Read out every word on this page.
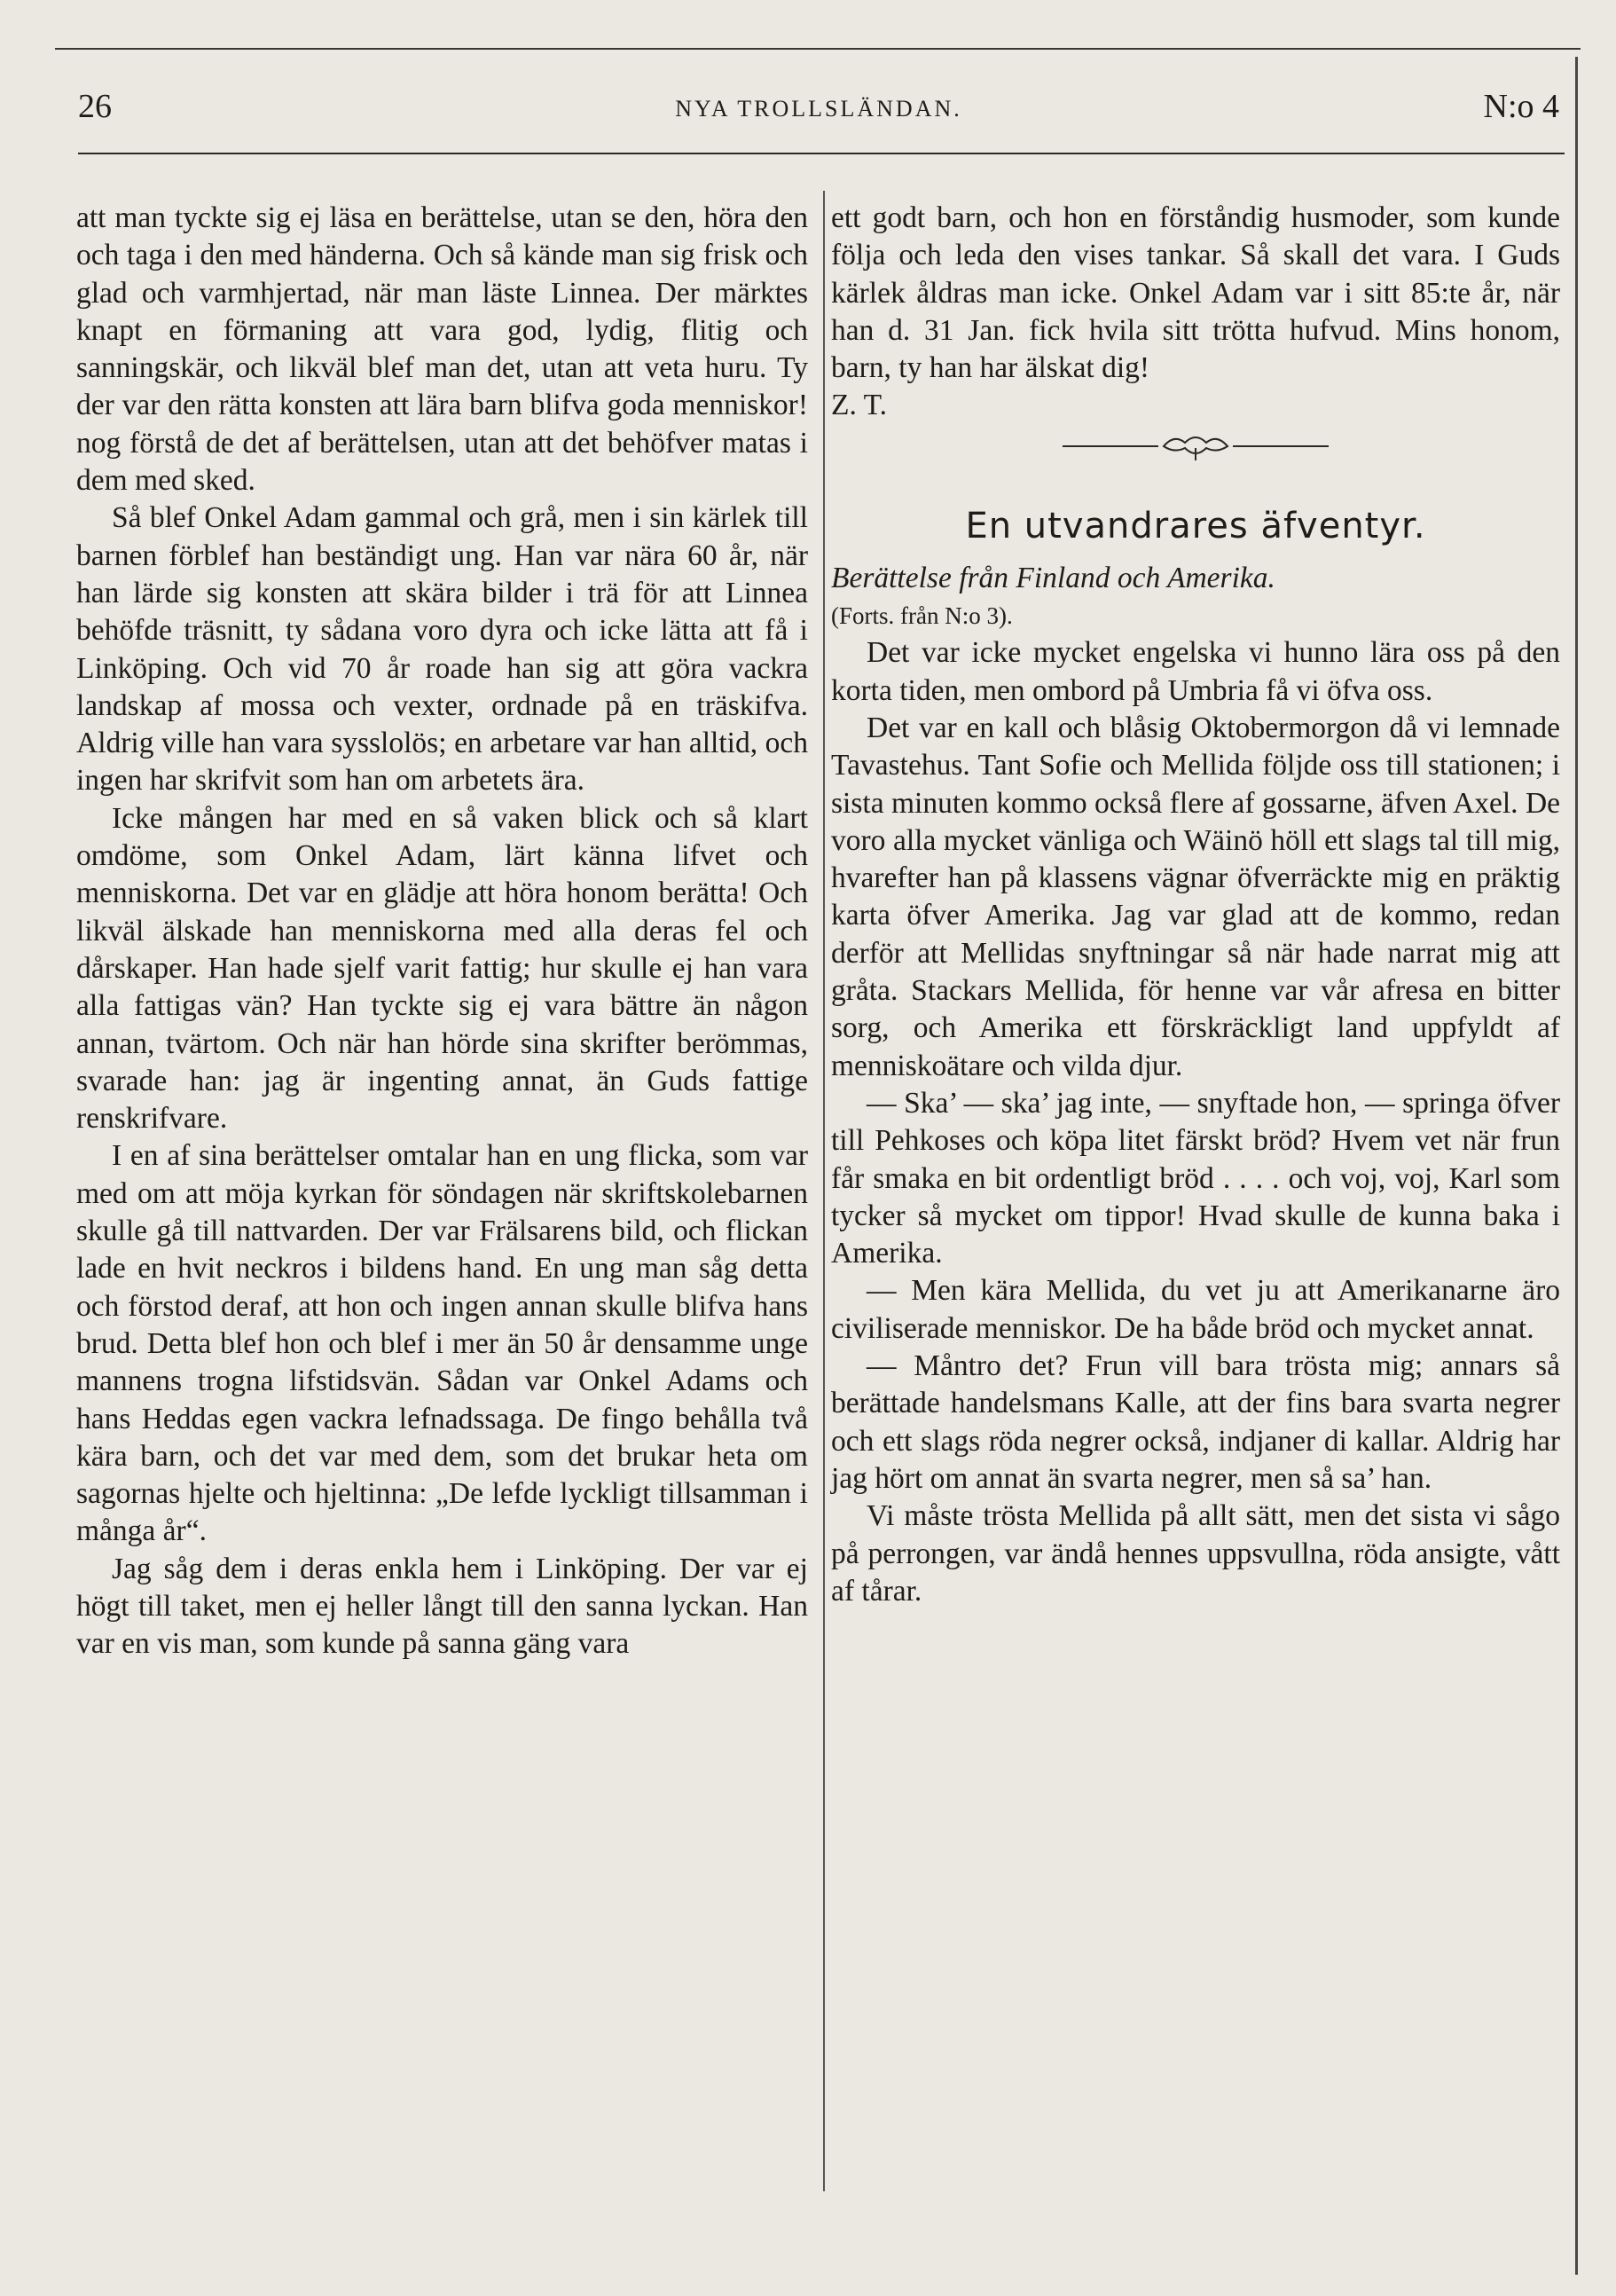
26	NYA TROLLSLÄNDAN.	N:o 4

att man tyckte sig ej läsa en berättelse, utan se den, höra den och taga i den med händerna. Och så kände man sig frisk och glad och varmhjertad, när man läste Linnea. Der märktes knapt en förmaning att vara god, lydig, flitig och sanningskär, och likväl blef man det, utan att veta huru. Ty der var den rätta konsten att lära barn blifva goda menniskor! nog förstå de det af berättelsen, utan att det behöfver matas i dem med sked.

Så blef Onkel Adam gammal och grå, men i sin kärlek till barnen förblef han beständigt ung. Han var nära 60 år, när han lärde sig konsten att skära bilder i trä för att Linnea behöfde träsnitt, ty sådana voro dyra och icke lätta att få i Linköping. Och vid 70 år roade han sig att göra vackra landskap af mossa och vexter, ordnade på en träskifva. Aldrig ville han vara sysslolös; en arbetare var han alltid, och ingen har skrifvit som han om arbetets ära.

Icke mången har med en så vaken blick och så klart omdöme, som Onkel Adam, lärt känna lifvet och menniskorna. Det var en glädje att höra honom berätta! Och likväl älskade han menniskorna med alla deras fel och dårskaper. Han hade sjelf varit fattig; hur skulle ej han vara alla fattigas vän? Han tyckte sig ej vara bättre än någon annan, tvärtom. Och när han hörde sina skrifter berömmas, svarade han: jag är ingenting annat, än Guds fattige renskrifvare.

I en af sina berättelser omtalar han en ung flicka, som var med om att möja kyrkan för söndagen när skriftskolebarnen skulle gå till nattvarden. Der var Frälsarens bild, och flickan lade en hvit neckros i bildens hand. En ung man såg detta och förstod deraf, att hon och ingen annan skulle blifva hans brud. Detta blef hon och blef i mer än 50 år densamme unge mannens trogna lifstidsvän. Sådan var Onkel Adams och hans Heddas egen vackra lefnadssaga. De fingo behålla två kära barn, och det var med dem, som det brukar heta om sagornas hjelte och hjeltinna: „De lefde lyckligt tillsamman i många år“.

Jag såg dem i deras enkla hem i Linköping. Der var ej högt till taket, men ej heller långt till den sanna lyckan. Han var en vis man, som kunde på sanna gäng vara

ett godt barn, och hon en förståndig husmoder, som kunde följa och leda den vises tankar. Så skall det vara. I Guds kärlek åldras man icke. Onkel Adam var i sitt 85:te år, när han d. 31 Jan. fick hvila sitt trötta hufvud. Mins honom, barn, ty han har älskat dig!

Z. T.

En utvandrares äfventyr.

Berättelse från Finland och Amerika.

(Forts. från N:o 3).

Det var icke mycket engelska vi hunno lära oss på den korta tiden, men ombord på Umbria få vi öfva oss.

Det var en kall och blåsig Oktobermorgon då vi lemnade Tavastehus. Tant Sofie och Mellida följde oss till stationen; i sista minuten kommo också flere af gossarne, äfven Axel. De voro alla mycket vänliga och Wäinö höll ett slags tal till mig, hvarefter han på klassens vägnar öfverräckte mig en präktig karta öfver Amerika. Jag var glad att de kommo, redan derför att Mellidas snyftningar så när hade narrat mig att gråta. Stackars Mellida, för henne var vår afresa en bitter sorg, och Amerika ett förskräckligt land uppfyldt af menniskoätare och vilda djur.

— Ska’ — ska’ jag inte, — snyftade hon, — springa öfver till Pehkoses och köpa litet färskt bröd? Hvem vet när frun får smaka en bit ordentligt bröd . . . . och voj, voj, Karl som tycker så mycket om tippor! Hvad skulle de kunna baka i Amerika.

— Men kära Mellida, du vet ju att Amerikanarne äro civiliserade menniskor. De ha både bröd och mycket annat.

— Måntro det? Frun vill bara trösta mig; annars så berättade handelsmans Kalle, att der fins bara svarta negrer och ett slags röda negrer också, indjaner di kallar. Aldrig har jag hört om annat än svarta negrer, men så sa’ han.

Vi måste trösta Mellida på allt sätt, men det sista vi sågo på perrongen, var ändå hennes uppsvullna, röda ansigte, vått af tårar.
